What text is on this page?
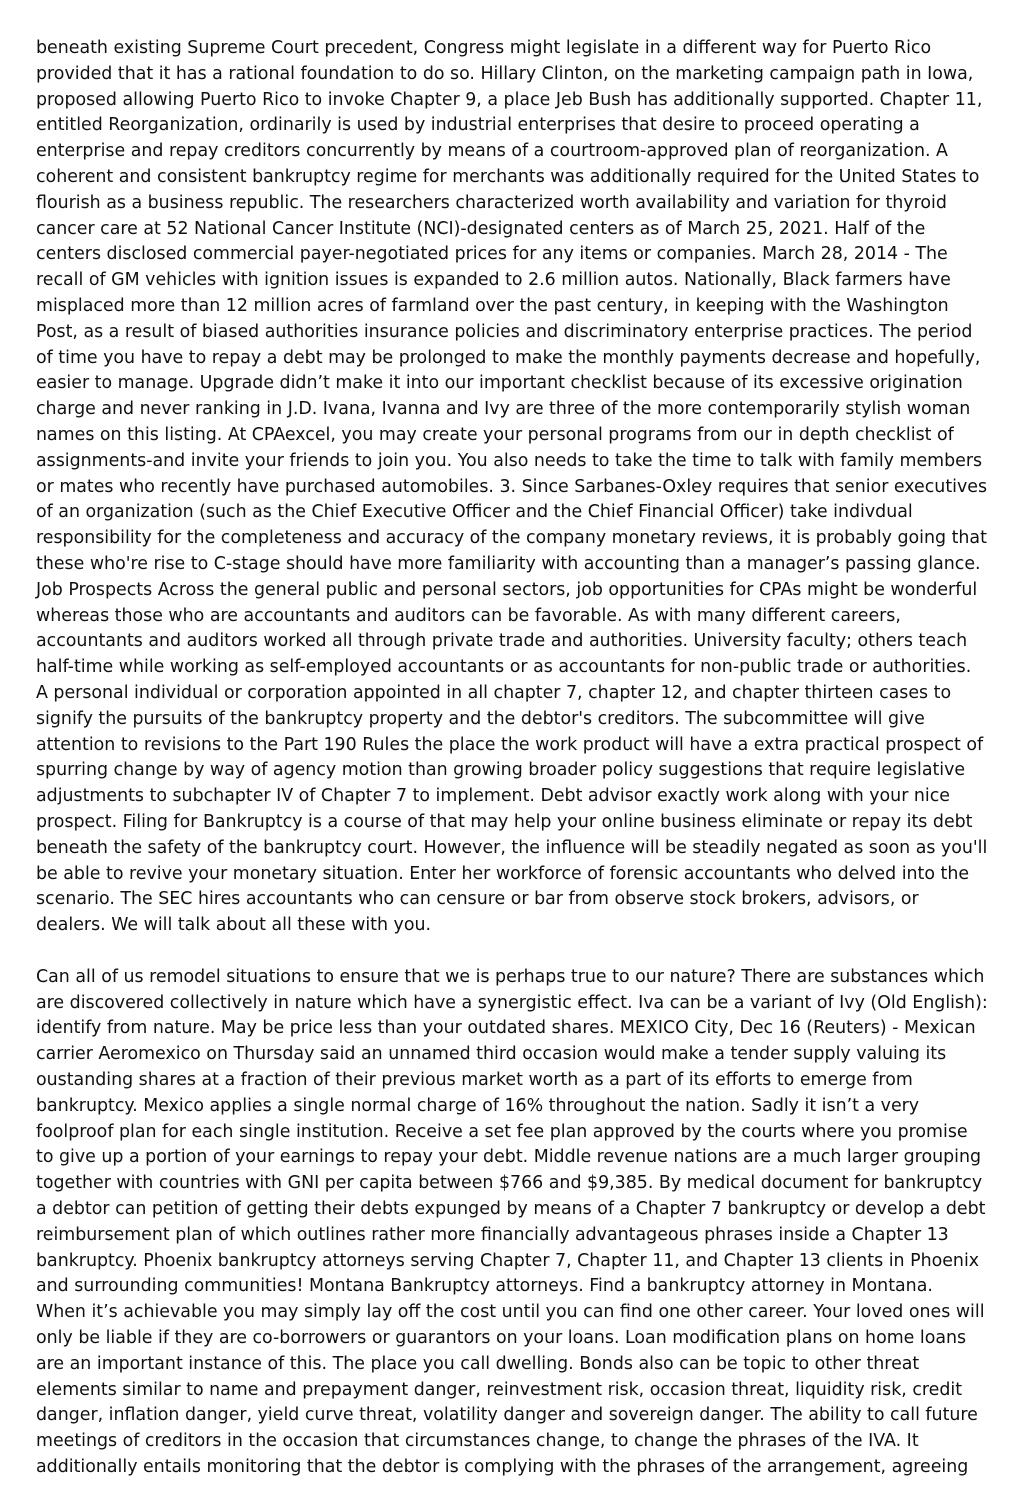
beneath existing Supreme Court precedent, Congress might legislate in a different way for Puerto Rico provided that it has a rational foundation to do so. Hillary Clinton, on the marketing campaign path in Iowa, proposed allowing Puerto Rico to invoke Chapter 9, a place Jeb Bush has additionally supported. Chapter 11, entitled Reorganization, ordinarily is used by industrial enterprises that desire to proceed operating a enterprise and repay creditors concurrently by means of a courtroom-approved plan of reorganization. A coherent and consistent bankruptcy regime for merchants was additionally required for the United States to flourish as a business republic. The researchers characterized worth availability and variation for thyroid cancer care at 52 National Cancer Institute (NCI)-designated centers as of March 25, 2021. Half of the centers disclosed commercial payer-negotiated prices for any items or companies. March 28, 2014 - The recall of GM vehicles with ignition issues is expanded to 2.6 million autos. Nationally, Black farmers have misplaced more than 12 million acres of farmland over the past century, in keeping with the Washington Post, as a result of biased authorities insurance policies and discriminatory enterprise practices. The period of time you have to repay a debt may be prolonged to make the monthly payments decrease and hopefully, easier to manage. Upgrade didn’t make it into our important checklist because of its excessive origination charge and never ranking in J.D. Ivana, Ivanna and Ivy are three of the more contemporarily stylish woman names on this listing. At CPAexcel, you may create your personal programs from our in depth checklist of assignments-and invite your friends to join you. You also needs to take the time to talk with family members or mates who recently have purchased automobiles. 3. Since Sarbanes-Oxley requires that senior executives of an organization (such as the Chief Executive Officer and the Chief Financial Officer) take indivdual responsibility for the completeness and accuracy of the company monetary reviews, it is probably going that these who're rise to C-stage should have more familiarity with accounting than a manager’s passing glance. Job Prospects Across the general public and personal sectors, job opportunities for CPAs might be wonderful whereas those who are accountants and auditors can be favorable. As with many different careers, accountants and auditors worked all through private trade and authorities. University faculty; others teach half-time while working as self-employed accountants or as accountants for non-public trade or authorities. A personal individual or corporation appointed in all chapter 7, chapter 12, and chapter thirteen cases to signify the pursuits of the bankruptcy property and the debtor's creditors. The subcommittee will give attention to revisions to the Part 190 Rules the place the work product will have a extra practical prospect of spurring change by way of agency motion than growing broader policy suggestions that require legislative adjustments to subchapter IV of Chapter 7 to implement. Debt advisor exactly work along with your nice prospect. Filing for Bankruptcy is a course of that may help your online business eliminate or repay its debt beneath the safety of the bankruptcy court. However, the influence will be steadily negated as soon as you'll be able to revive your monetary situation. Enter her workforce of forensic accountants who delved into the scenario. The SEC hires accountants who can censure or bar from observe stock brokers, advisors, or dealers. We will talk about all these with you.

Can all of us remodel situations to ensure that we is perhaps true to our nature? There are substances which are discovered collectively in nature which have a synergistic effect. Iva can be a variant of Ivy (Old English): identify from nature. May be price less than your outdated shares. MEXICO City, Dec 16 (Reuters) - Mexican carrier Aeromexico on Thursday said an unnamed third occasion would make a tender supply valuing its oustanding shares at a fraction of their previous market worth as a part of its efforts to emerge from bankruptcy. Mexico applies a single normal charge of 16% throughout the nation. Sadly it isn’t a very foolproof plan for each single institution. Receive a set fee plan approved by the courts where you promise to give up a portion of your earnings to repay your debt. Middle revenue nations are a much larger grouping together with countries with GNI per capita between $766 and $9,385. By medical document for bankruptcy a debtor can petition of getting their debts expunged by means of a Chapter 7 bankruptcy or develop a debt reimbursement plan of which outlines rather more financially advantageous phrases inside a Chapter 13 bankruptcy. Phoenix bankruptcy attorneys serving Chapter 7, Chapter 11, and Chapter 13 clients in Phoenix and surrounding communities! Montana Bankruptcy attorneys. Find a bankruptcy attorney in Montana. When it’s achievable you may simply lay off the cost until you can find one other career. Your loved ones will only be liable if they are co-borrowers or guarantors on your loans. Loan modification plans on home loans are an important instance of this. The place you call dwelling. Bonds also can be topic to other threat elements similar to name and prepayment danger, reinvestment risk, occasion threat, liquidity risk, credit danger, inflation danger, yield curve threat, volatility danger and sovereign danger. The ability to call future meetings of creditors in the occasion that circumstances change, to change the phrases of the IVA. It additionally entails monitoring that the debtor is complying with the phrases of the arrangement, agreeing
